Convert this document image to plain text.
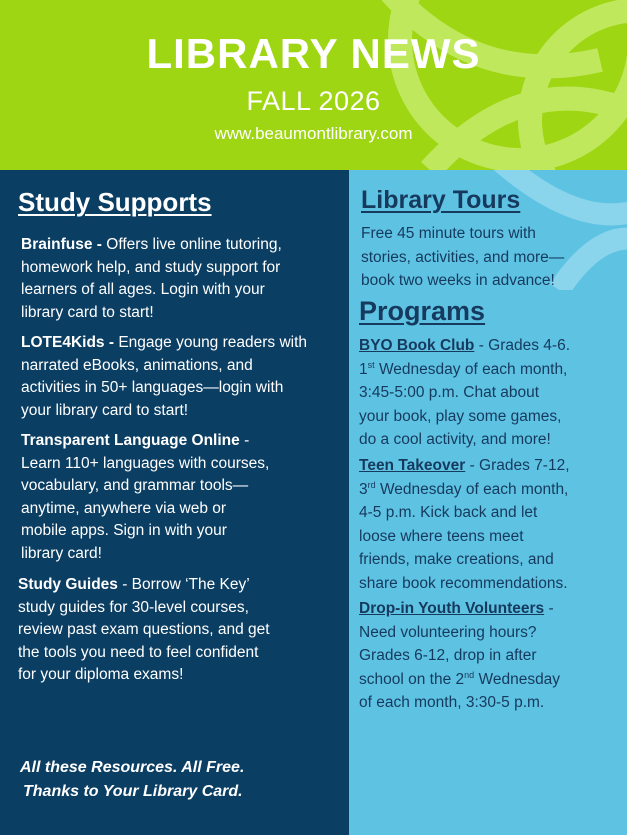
LIBRARY NEWS
FALL 2026
www.beaumontlibrary.com
Study Supports
Brainfuse - Offers live online tutoring,
homework help, and study support for
learners of all ages. Login with your
library card to start!
LOTE4Kids - Engage young readers with
narrated eBooks, animations, and
activities in 50+ languages—login with
your library card to start!
Transparent Language Online -
Learn 110+ languages with courses,
vocabulary, and grammar tools—
anytime, anywhere via web or
mobile apps. Sign in with your
library card!
Study Guides - Borrow ‘The Key’
study guides for 30-level courses,
review past exam questions, and get
the tools you need to feel confident
for your diploma exams!
All these Resources. All Free.
Thanks to Your Library Card.
Library Tours
Free 45 minute tours with
stories, activities, and more—
book two weeks in advance!
Programs
BYO Book Club - Grades 4-6.
1st Wednesday of each month,
3:45-5:00 p.m. Chat about
your book, play some games,
do a cool activity, and more!
Teen Takeover - Grades 7-12,
3rd Wednesday of each month,
4-5 p.m. Kick back and let
loose where teens meet
friends, make creations, and
share book recommendations.
Drop-in Youth Volunteers -
Need volunteering hours?
Grades 6-12, drop in after
school on the 2nd Wednesday
of each month, 3:30-5 p.m.
